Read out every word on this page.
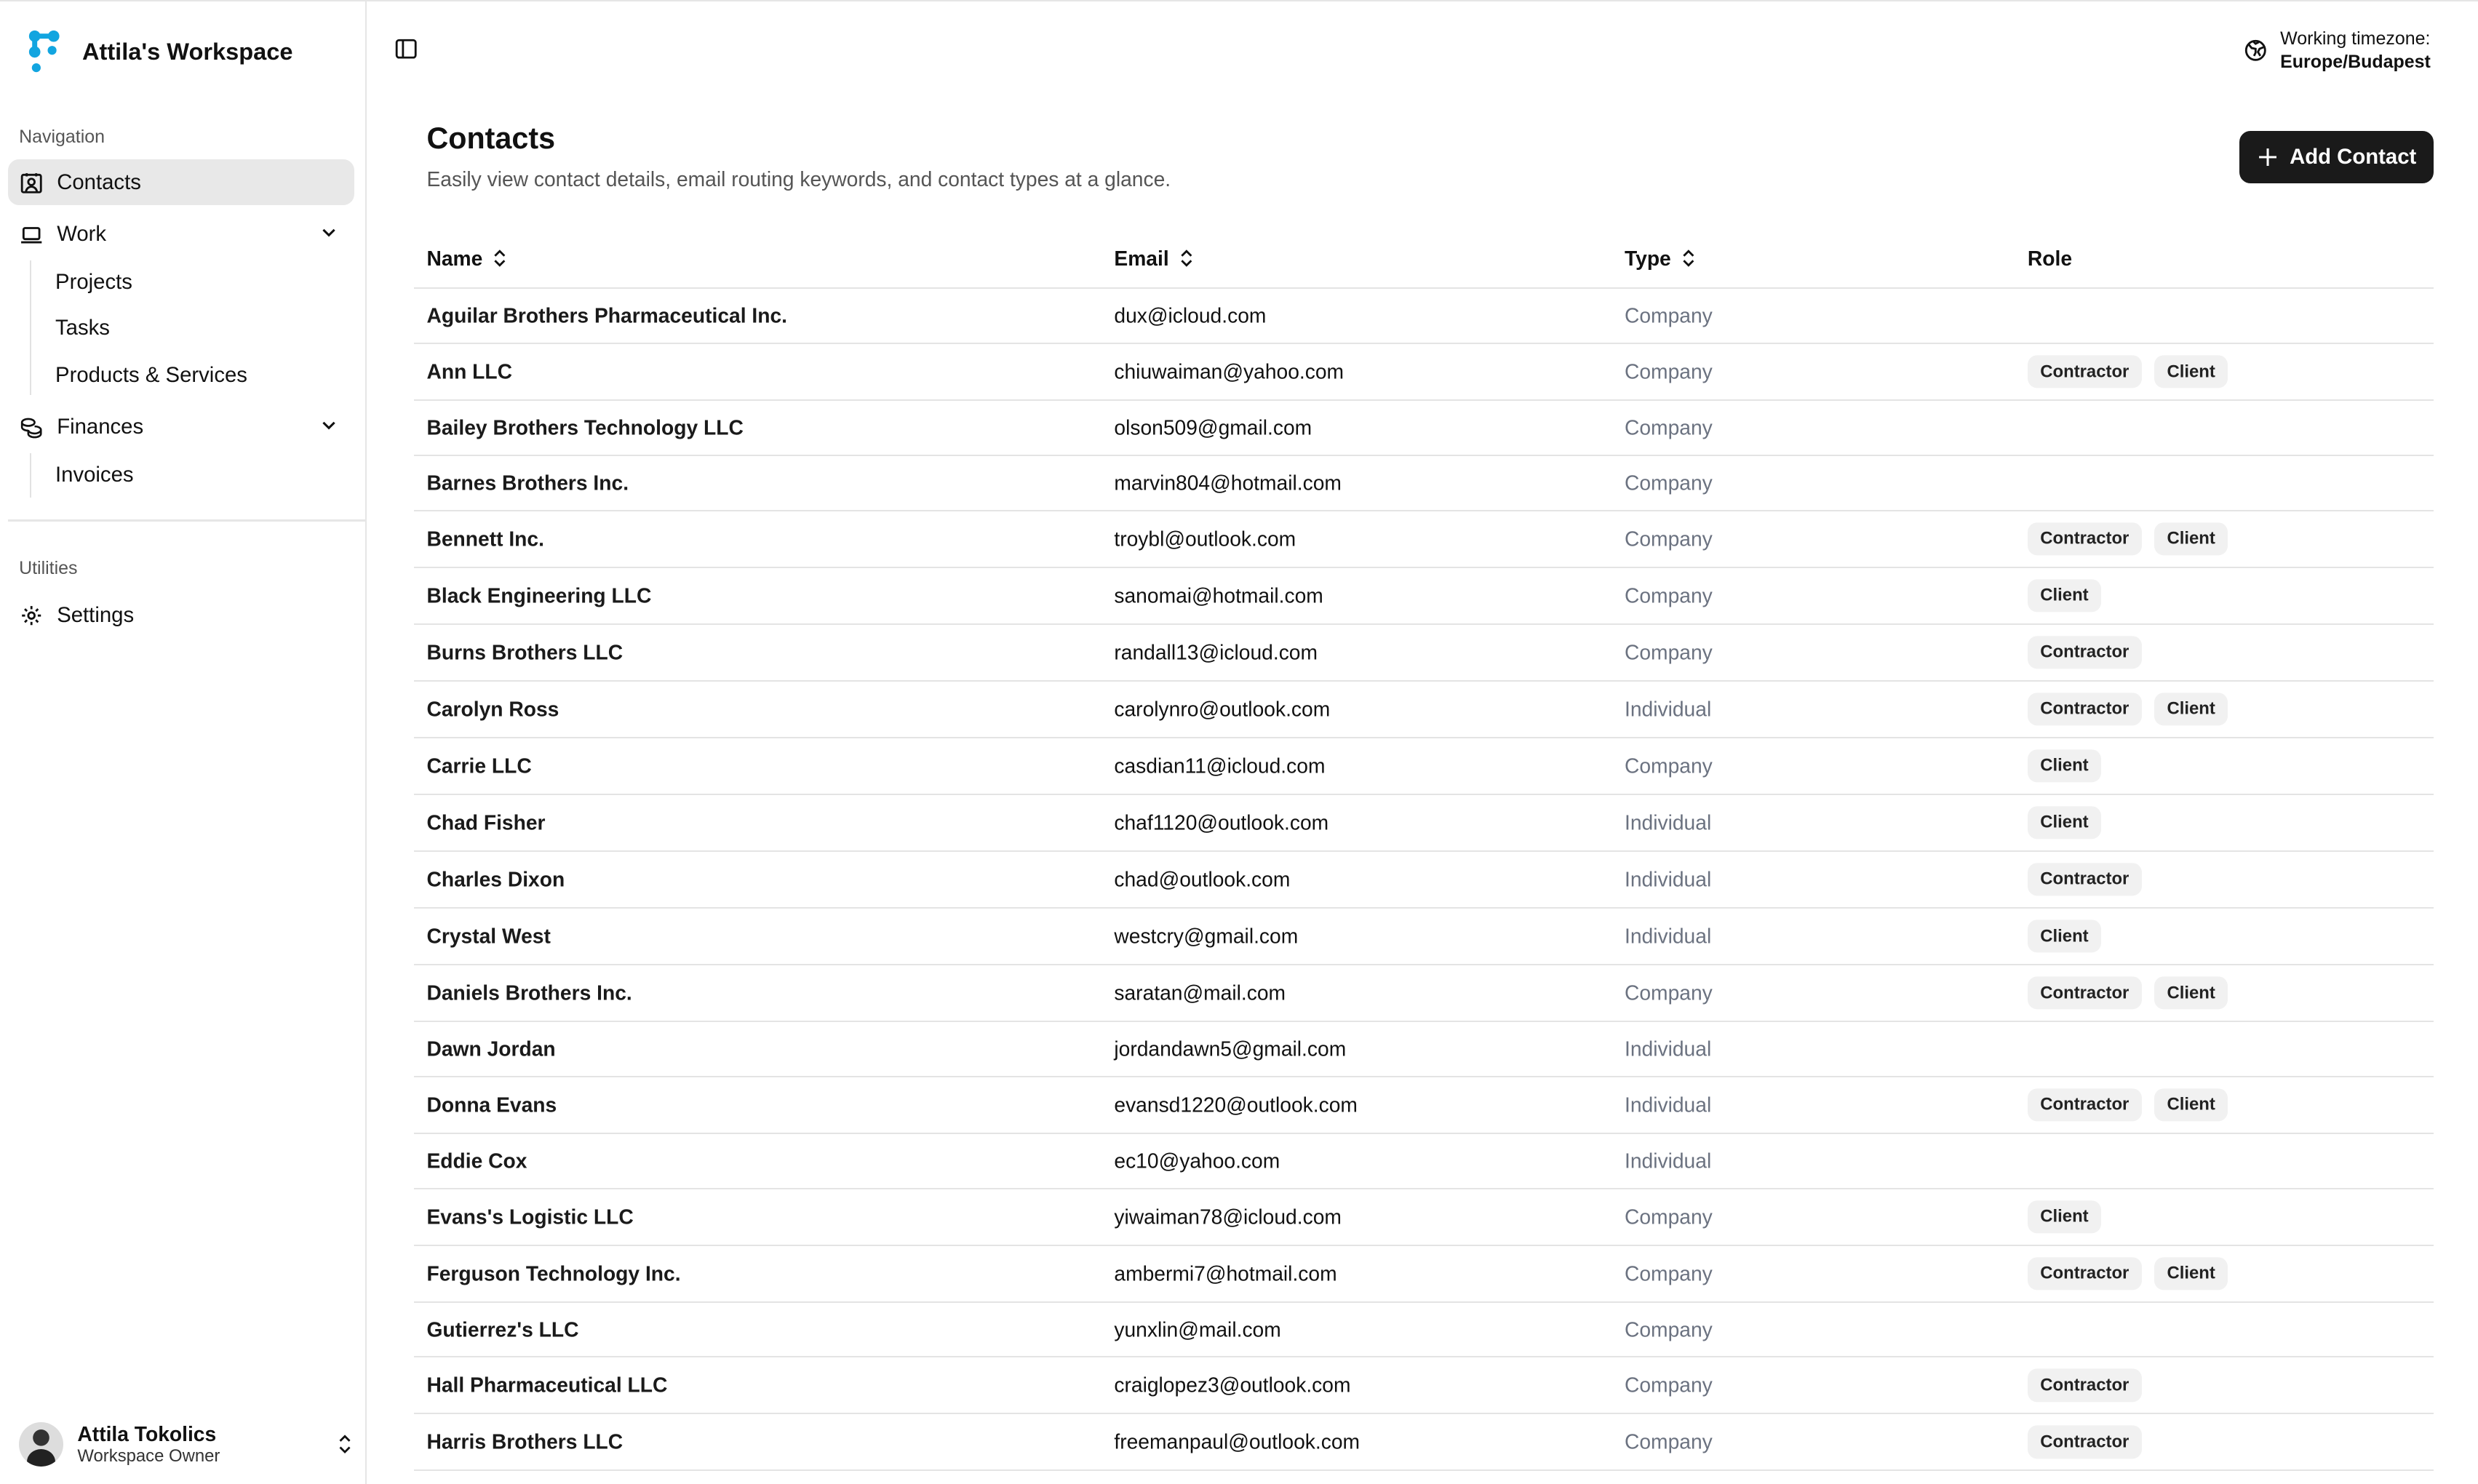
Attila's Workspace
Navigation
Contacts
Work
Projects
Tasks
Products & Services
Finances
Invoices
Utilities
Settings
Attila Tokolics
Workspace Owner
Working timezone:
Europe/Budapest
Contacts
Easily view contact details, email routing keywords, and contact types at a glance.
Add Contact
Name	Email	Type	Role
Aguilar Brothers Pharmaceutical Inc.	dux@icloud.com	Company
Ann LLC	chiuwaiman@yahoo.com	Company	Contractor	Client
Bailey Brothers Technology LLC	olson509@gmail.com	Company
Barnes Brothers Inc.	marvin804@hotmail.com	Company
Bennett Inc.	troybl@outlook.com	Company	Contractor	Client
Black Engineering LLC	sanomai@hotmail.com	Company	Client
Burns Brothers LLC	randall13@icloud.com	Company	Contractor
Carolyn Ross	carolynro@outlook.com	Individual	Contractor	Client
Carrie LLC	casdian11@icloud.com	Company	Client
Chad Fisher	chaf1120@outlook.com	Individual	Client
Charles Dixon	chad@outlook.com	Individual	Contractor
Crystal West	westcry@gmail.com	Individual	Client
Daniels Brothers Inc.	saratan@mail.com	Company	Contractor	Client
Dawn Jordan	jordandawn5@gmail.com	Individual
Donna Evans	evansd1220@outlook.com	Individual	Contractor	Client
Eddie Cox	ec10@yahoo.com	Individual
Evans's Logistic LLC	yiwaiman78@icloud.com	Company	Client
Ferguson Technology Inc.	ambermi7@hotmail.com	Company	Contractor	Client
Gutierrez's LLC	yunxlin@mail.com	Company
Hall Pharmaceutical LLC	craiglopez3@outlook.com	Company	Contractor
Harris Brothers LLC	freemanpaul@outlook.com	Company	Contractor
